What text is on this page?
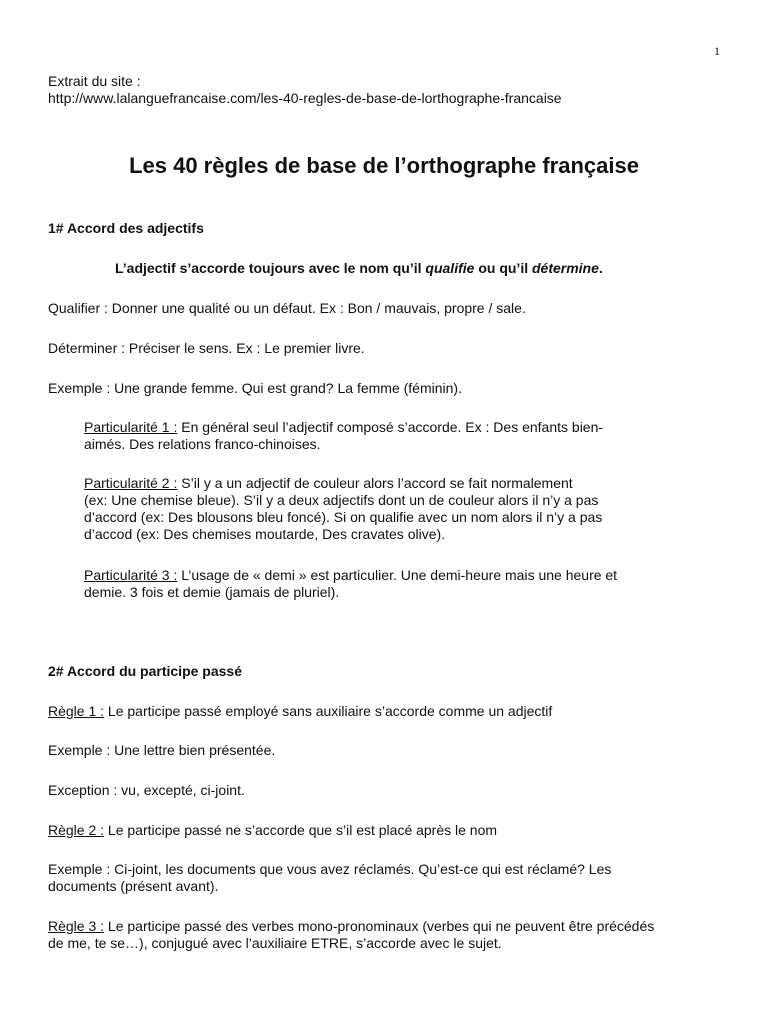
1
Extrait du site :
http://www.lalanguefrancaise.com/les-40-regles-de-base-de-lorthographe-francaise
Les 40 règles de base de l’orthographe française
1# Accord des adjectifs
L’adjectif s’accorde toujours avec le nom qu’il qualifie ou qu’il détermine.
Qualifier : Donner une qualité ou un défaut. Ex : Bon / mauvais, propre / sale.
Déterminer : Préciser le sens. Ex : Le premier livre.
Exemple : Une grande femme. Qui est grand? La femme (féminin).
Particularité 1 : En général seul l’adjectif composé s’accorde. Ex : Des enfants bien-
aimés. Des relations franco-chinoises.
Particularité 2 : S’il y a un adjectif de couleur alors l’accord se fait normalement
(ex: Une chemise bleue). S’il y a deux adjectifs dont un de couleur alors il n’y a pas
d’accord (ex: Des blousons bleu foncé). Si on qualifie avec un nom alors il n’y a pas
d’accod (ex: Des chemises moutarde, Des cravates olive).
Particularité 3 : L’usage de « demi » est particulier. Une demi-heure mais une heure et
demie. 3 fois et demie (jamais de pluriel).
2# Accord du participe passé
Règle 1 : Le participe passé employé sans auxiliaire s’accorde comme un adjectif
Exemple : Une lettre bien présentée.
Exception : vu, excepté, ci-joint.
Règle 2 : Le participe passé ne s’accorde que s’il est placé après le nom
Exemple : Ci-joint, les documents que vous avez réclamés. Qu’est-ce qui est réclamé? Les
documents (présent avant).
Règle 3 : Le participe passé des verbes mono-pronominaux (verbes qui ne peuvent être précédés
de me, te se…), conjugué avec l’auxiliaire ETRE, s’accorde avec le sujet.
